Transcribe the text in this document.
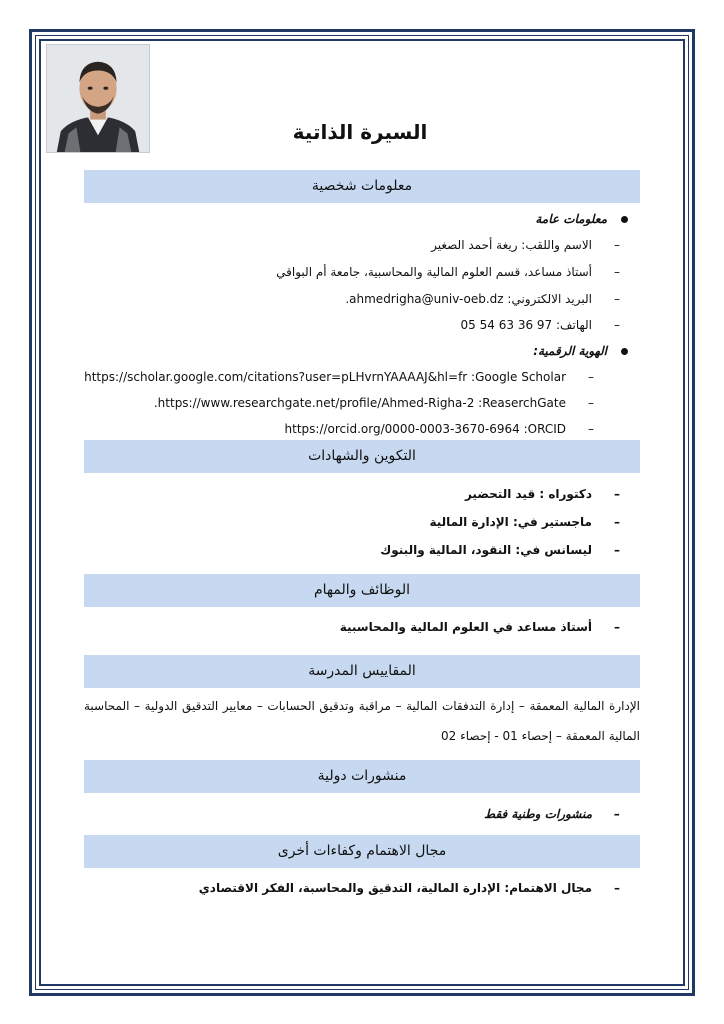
السيرة الذاتية
معلومات شخصية
معلومات عامة
–الاسم واللقب: ريغة أحمد الصغير
–أستاذ مساعد، قسم العلوم المالية والمحاسبية، جامعة أم البواقي
–البريد الالكتروني: ahmedrigha@univ-oeb.dz.
–الهاتف: 97 36 63 54 05
الهوية الرقمية:
–https://scholar.google.com/citations?user=pLHvrnYAAAAJ&hl=fr :Google Scholar
–https://www.researchgate.net/profile/Ahmed-Righa-2 :ReaserchGate.
–https://orcid.org/0000-0003-3670-6964 :ORCID
التكوين والشهادات
–دكتوراه : قيد التحضير
–ماجستير في: الإدارة المالية
–ليسانس في: النقود، المالية والبنوك
الوظائف والمهام
–أستاذ مساعد في العلوم المالية والمحاسبية
المقاييس المدرسة
الإدارة المالية المعمقة – إدارة التدفقات المالية – مراقبة وتدقيق الحسابات – معايير التدقيق الدولية – المحاسبة المالية المعمقة – إحصاء 01 - إحصاء 02
منشورات دولية
–منشورات وطنية فقط
مجال الاهتمام وكفاءات أخرى
–مجال الاهتمام: الإدارة المالية، التدقيق والمحاسبة، الفكر الاقتصادي
